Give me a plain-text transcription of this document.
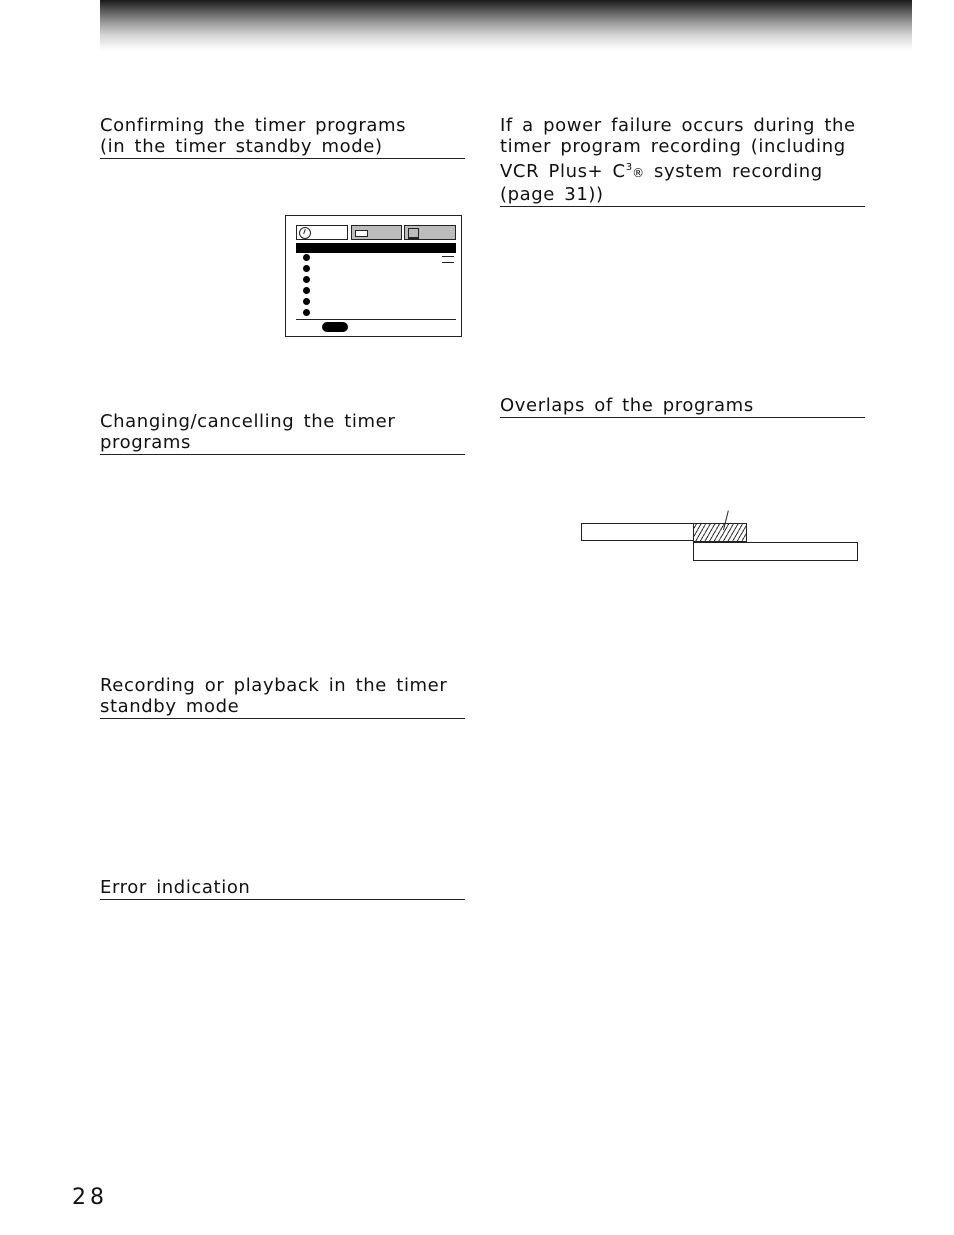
Confirming the timer programs
(in the timer standby mode)
Changing/cancelling the timer
programs
Recording or playback in the timer
standby mode
Error indication
If a power failure occurs during the
timer program recording (including
VCR Plus+ $C^3®$ system recording
(page 31))
Overlaps of the programs
28
